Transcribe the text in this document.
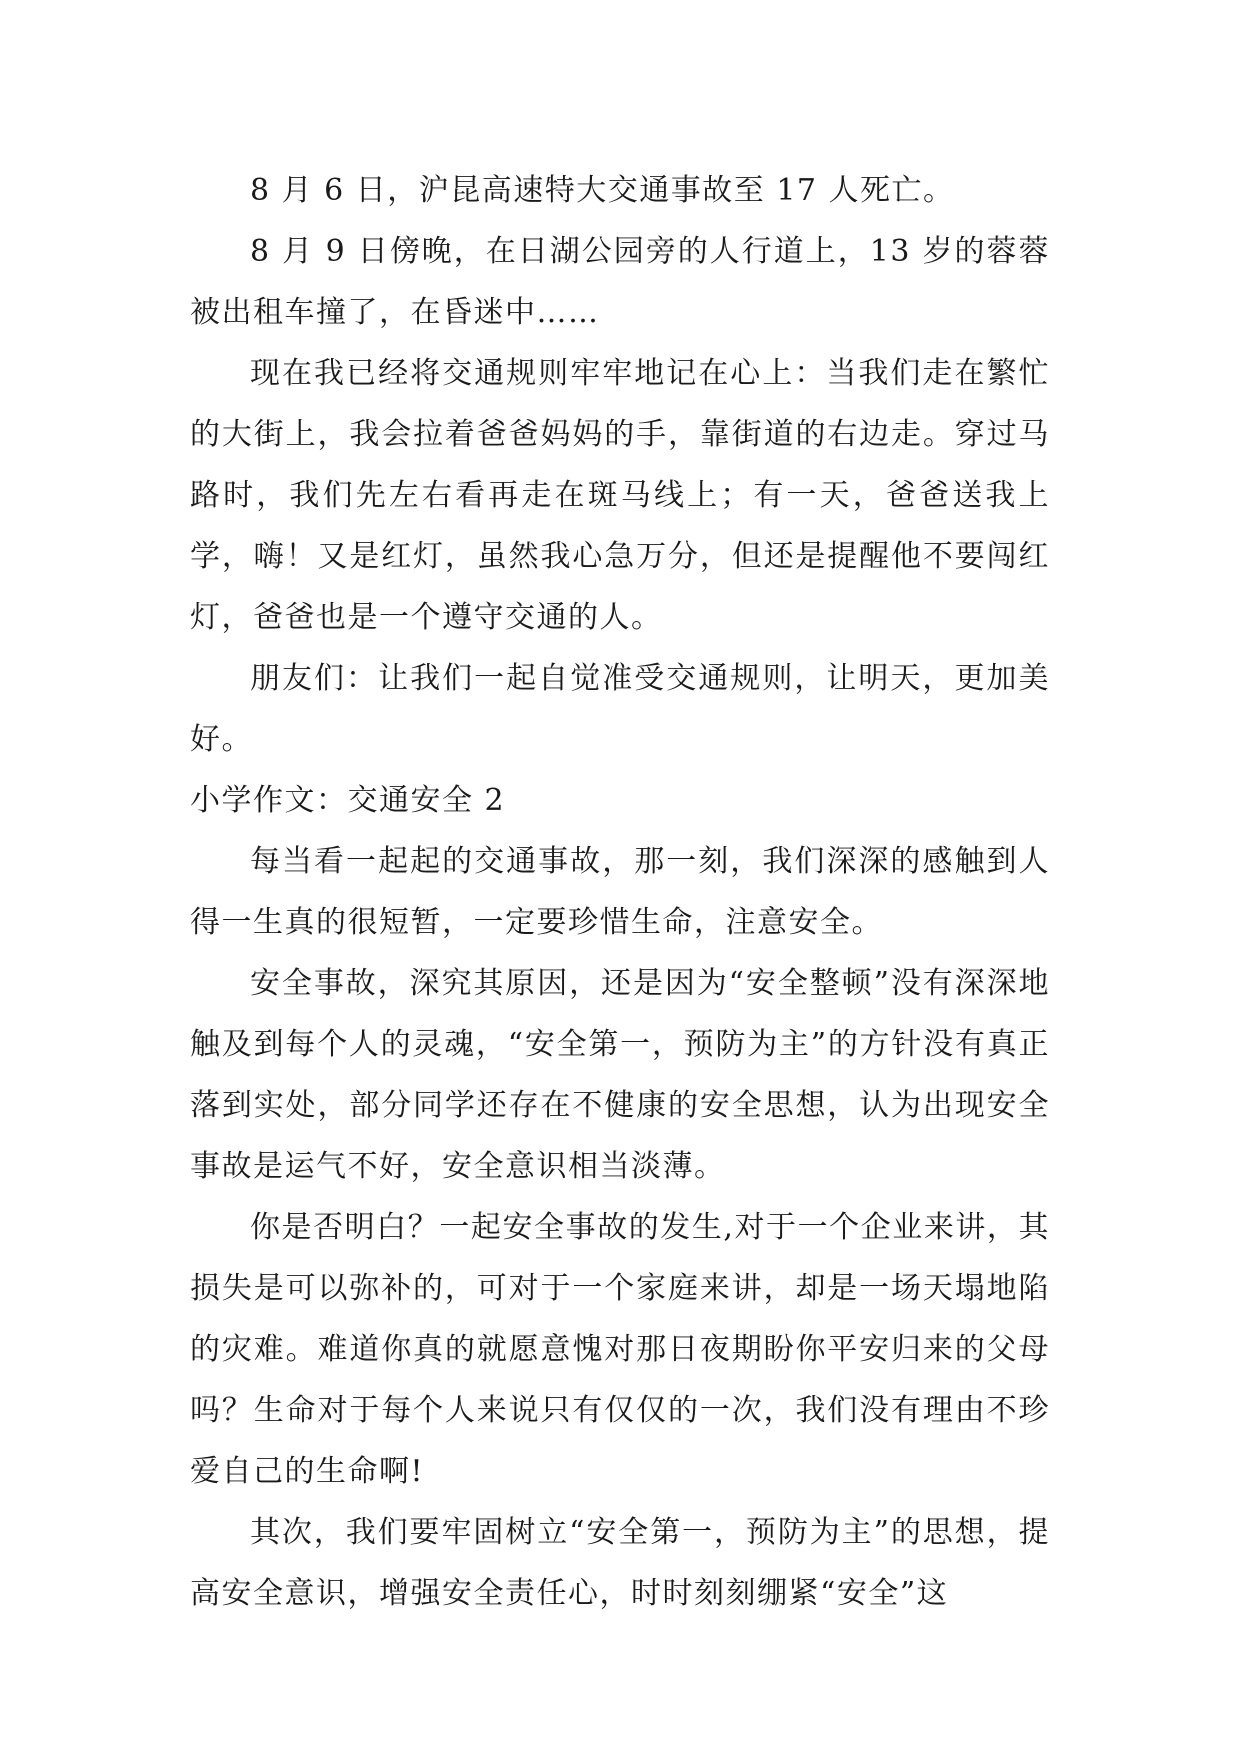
8 月 6 日，沪昆高速特大交通事故至 17 人死亡。

8 月 9 日傍晚，在日湖公园旁的人行道上，13 岁的蓉蓉被出租车撞了，在昏迷中……

现在我已经将交通规则牢牢地记在心上：当我们走在繁忙的大街上，我会拉着爸爸妈妈的手，靠街道的右边走。穿过马路时，我们先左右看再走在斑马线上；有一天，爸爸送我上学，嗨！又是红灯，虽然我心急万分，但还是提醒他不要闯红灯，爸爸也是一个遵守交通的人。

朋友们：让我们一起自觉准受交通规则，让明天，更加美好。

小学作文：交通安全 2

每当看一起起的交通事故，那一刻，我们深深的感触到人得一生真的很短暂，一定要珍惜生命，注意安全。

安全事故，深究其原因，还是因为“安全整顿”没有深深地触及到每个人的灵魂，“安全第一，预防为主”的方针没有真正落到实处，部分同学还存在不健康的安全思想，认为出现安全事故是运气不好，安全意识相当淡薄。

你是否明白？一起安全事故的发生,对于一个企业来讲，其损失是可以弥补的，可对于一个家庭来讲，却是一场天塌地陷的灾难。难道你真的就愿意愧对那日夜期盼你平安归来的父母吗？生命对于每个人来说只有仅仅的一次，我们没有理由不珍爱自己的生命啊!

其次，我们要牢固树立“安全第一，预防为主”的思想，提高安全意识，增强安全责任心，时时刻刻绷紧“安全”这
